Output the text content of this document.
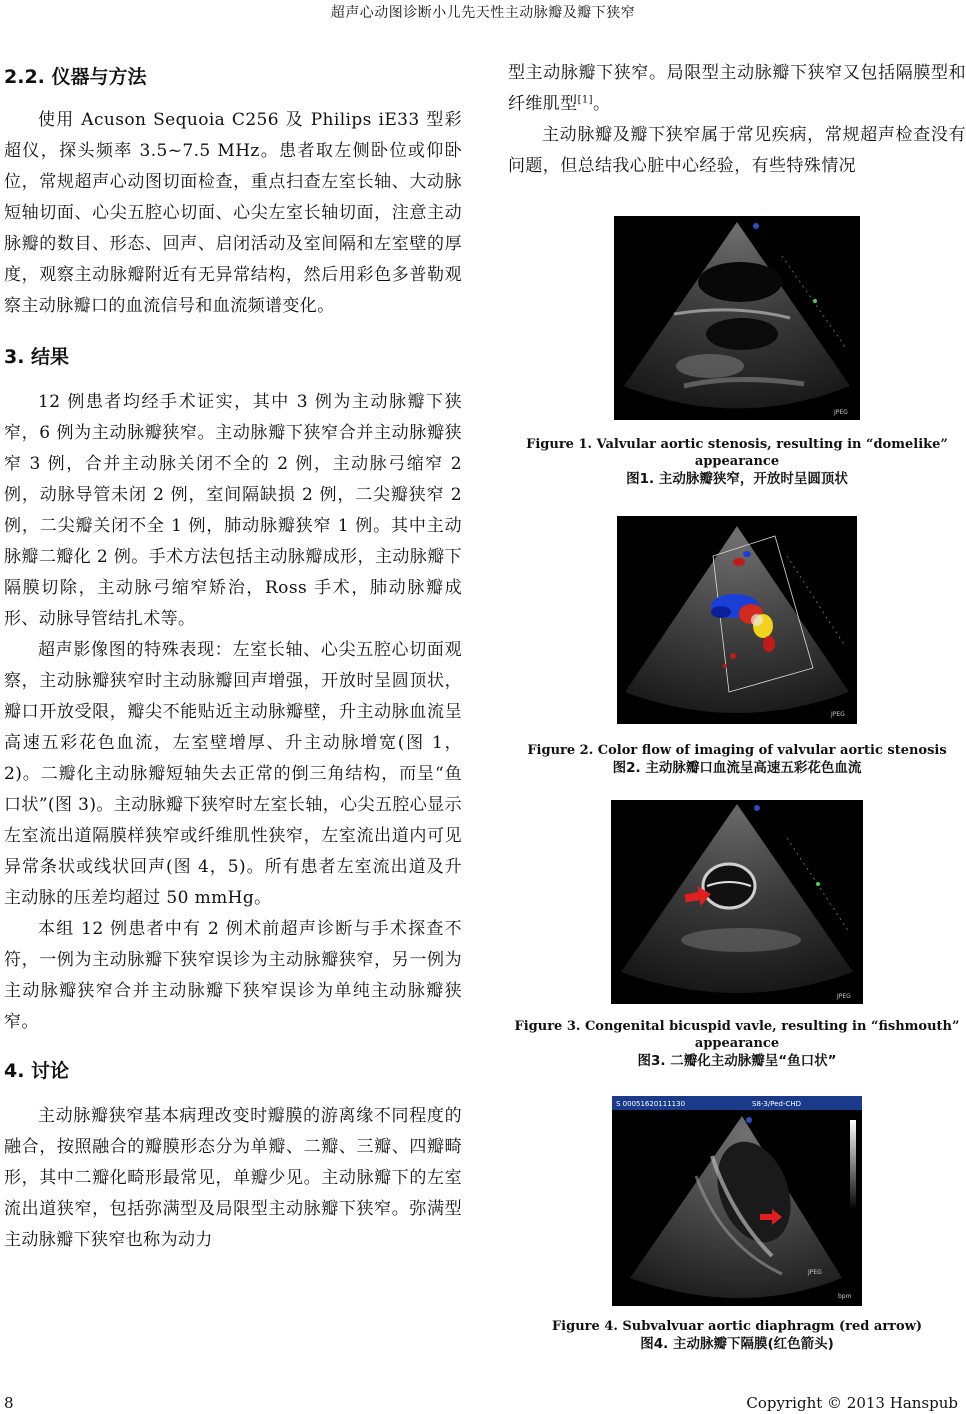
超声心动图诊断小儿先天性主动脉瓣及瓣下狭窄
2.2. 仪器与方法

使用 Acuson Sequoia C256 及 Philips iE33 型彩超仪，探头频率 3.5~7.5 MHz。患者取左侧卧位或仰卧位，常规超声心动图切面检查，重点扫查左室长轴、大动脉短轴切面、心尖五腔心切面、心尖左室长轴切面，注意主动脉瓣的数目、形态、回声、启闭活动及室间隔和左室壁的厚度，观察主动脉瓣附近有无异常结构，然后用彩色多普勒观察主动脉瓣口的血流信号和血流频谱变化。

3. 结果

12 例患者均经手术证实，其中 3 例为主动脉瓣下狭窄，6 例为主动脉瓣狭窄。主动脉瓣下狭窄合并主动脉瓣狭窄 3 例，合并主动脉关闭不全的 2 例，主动脉弓缩窄 2 例，动脉导管未闭 2 例，室间隔缺损 2 例，二尖瓣狭窄 2 例，二尖瓣关闭不全 1 例，肺动脉瓣狭窄 1 例。其中主动脉瓣二瓣化 2 例。手术方法包括主动脉瓣成形，主动脉瓣下隔膜切除，主动脉弓缩窄矫治，Ross 手术，肺动脉瓣成形、动脉导管结扎术等。

超声影像图的特殊表现：左室长轴、心尖五腔心切面观察，主动脉瓣狭窄时主动脉瓣回声增强，开放时呈圆顶状，瓣口开放受限，瓣尖不能贴近主动脉瓣壁，升主动脉血流呈高速五彩花色血流，左室壁增厚、升主动脉增宽(图 1，2)。二瓣化主动脉瓣短轴失去正常的倒三角结构，而呈“鱼口状”(图 3)。主动脉瓣下狭窄时左室长轴，心尖五腔心显示左室流出道隔膜样狭窄或纤维肌性狭窄，左室流出道内可见异常条状或线状回声(图 4，5)。所有患者左室流出道及升主动脉的压差均超过 50 mmHg。

本组 12 例患者中有 2 例术前超声诊断与手术探查不符，一例为主动脉瓣下狭窄误诊为主动脉瓣狭窄，另一例为主动脉瓣狭窄合并主动脉瓣下狭窄误诊为单纯主动脉瓣狭窄。

4. 讨论

主动脉瓣狭窄基本病理改变时瓣膜的游离缘不同程度的融合，按照融合的瓣膜形态分为单瓣、二瓣、三瓣、四瓣畸形，其中二瓣化畸形最常见，单瓣少见。主动脉瓣下的左室流出道狭窄，包括弥满型及局限型主动脉瓣下狭窄。弥满型主动脉瓣下狭窄也称为动力

型主动脉瓣下狭窄。局限型主动脉瓣下狭窄又包括隔膜型和纤维肌型[1]。

主动脉瓣及瓣下狭窄属于常见疾病，常规超声检查没有问题，但总结我心脏中心经验，有些特殊情况

JPEG

Figure 1. Valvular aortic stenosis, resulting in “domelike” appearance

图1. 主动脉瓣狭窄，开放时呈圆顶状

JPEG

Figure 2. Color flow of imaging of valvular aortic stenosis

图2. 主动脉瓣口血流呈高速五彩花色血流

JPEG

Figure 3. Congenital bicuspid vavle, resulting in “fishmouth” appearance

图3. 二瓣化主动脉瓣呈“鱼口状”

S 00051620111130	S8-3/Ped-CHD
JPEG
bpm

Figure 4. Subvalvuar aortic diaphragm (red arrow)

图4. 主动脉瓣下隔膜(红色箭头)

8	Copyright © 2013 Hanspub
